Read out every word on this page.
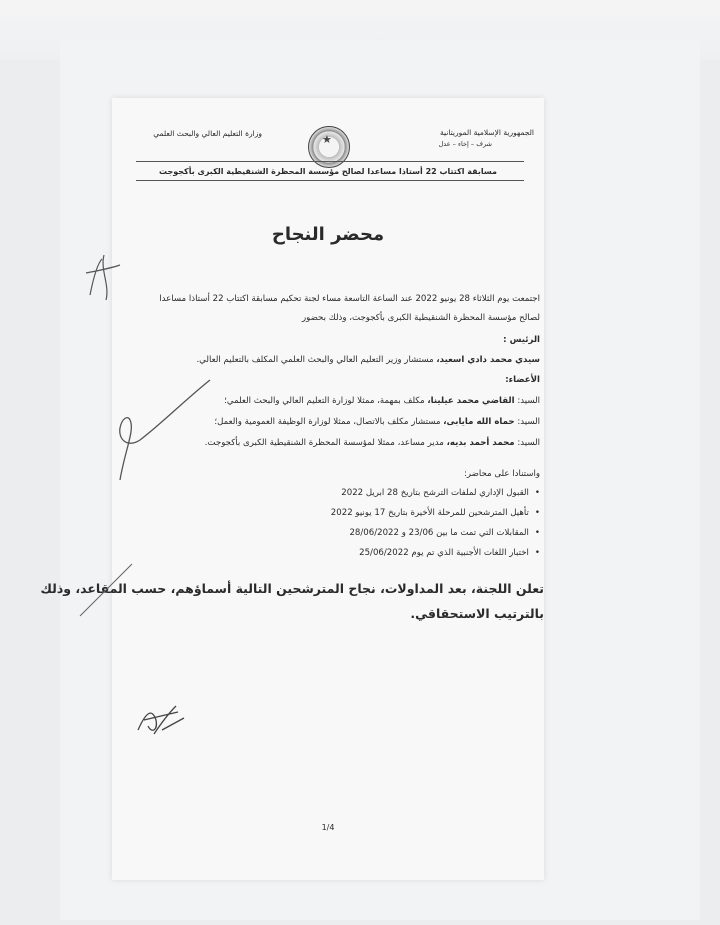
وزارة التعليم العالي والبحث العلمي
★	الجمهورية الإسلامية الموريتانية
شرف – إخاء – عدل
مسابقة اكتتاب 22 أستاذا مساعدا لصالح مؤسسة المحظرة الشنقيطية الكبرى بأكجوجت
محضر النجاح
اجتمعت يوم الثلاثاء 28 يونيو 2022 عند الساعة التاسعة مساء لجنة تحكيم مسابقة اكتتاب 22 أستاذا مساعدا
لصالح مؤسسة المحظرة الشنقيطية الكبرى بأكجوجت، وذلك بحضور
الرئيس :
سيدي محمد دادي اسعيد، مستشار وزير التعليم العالي والبحث العلمي المكلف بالتعليم العالي.
الأعضاء:
السيد: القاضي محمد عيلينا، مكلف بمهمة، ممثلا لوزارة التعليم العالي والبحث العلمي؛
السيد: حماه الله مايابى، مستشار مكلف بالاتصال، ممثلا لوزارة الوظيفة العمومية والعمل؛
السيد: محمد أحمد بديه، مدير مساعد، ممثلا لمؤسسة المحظرة الشنقيطية الكبرى بأكجوجت.
واستنادا على محاضر:
• القبول الإداري لملفات الترشح بتاريخ 28 ابريل 2022
• تأهيل المترشحين للمرحلة الأخيرة بتاريخ 17 يونيو 2022
• المقابلات التي تمت ما بين 23/06 و 28/06/2022
• اختبار اللغات الأجنبية الذي تم يوم 25/06/2022
تعلن اللجنة، بعد المداولات، نجاح المترشحين التالية أسماؤهم، حسب المقاعد، وذلك
بالترتيب الاستحقاقي.
1/4
